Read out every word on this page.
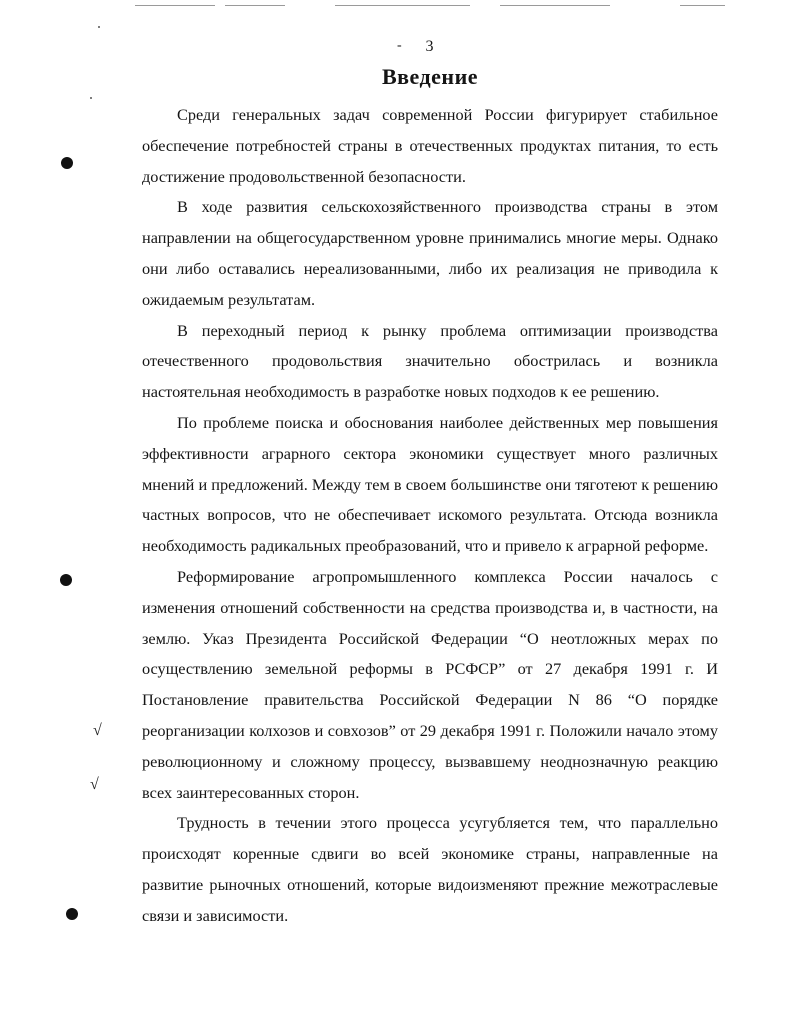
- 3
Введение

Среди генеральных задач современной России фигурирует стабильное обеспечение потребностей страны в отечественных продуктах питания, то есть достижение продовольственной безопасности.

В ходе развития сельскохозяйственного производства страны в этом направлении на общегосударственном уровне принимались многие меры. Однако они либо оставались нереализованными, либо их реализация не приводила к ожидаемым результатам.

В переходный период к рынку проблема оптимизации производства отечественного продовольствия значительно обострилась и возникла настоятельная необходимость в разработке новых подходов к ее решению.

По проблеме поиска и обоснования наиболее действенных мер повышения эффективности аграрного сектора экономики существует много различных мнений и предложений. Между тем в своем большинстве они тяготеют к решению частных вопросов, что не обеспечивает искомого результата. Отсюда возникла необходимость радикальных преобразований, что и привело к аграрной реформе.

Реформирование агропромышленного комплекса России началось с изменения отношений собственности на средства производства и, в частности, на землю. Указ Президента Российской Федерации “О неотложных мерах по осуществлению земельной реформы в РСФСР” от 27 декабря 1991 г. И Постановление правительства Российской Федерации N 86 “О порядке реорганизации колхозов и совхозов” от 29 декабря 1991 г. Положили начало этому революционному и сложному процессу, вызвавшему неоднозначную реакцию всех заинтересованных сторон.

Трудность в течении этого процесса усугубляется тем, что параллельно происходят коренные сдвиги во всей экономике страны, направленные на развитие рыночных отношений, которые видоизменяют прежние межотраслевые связи и зависимости.

√
√
